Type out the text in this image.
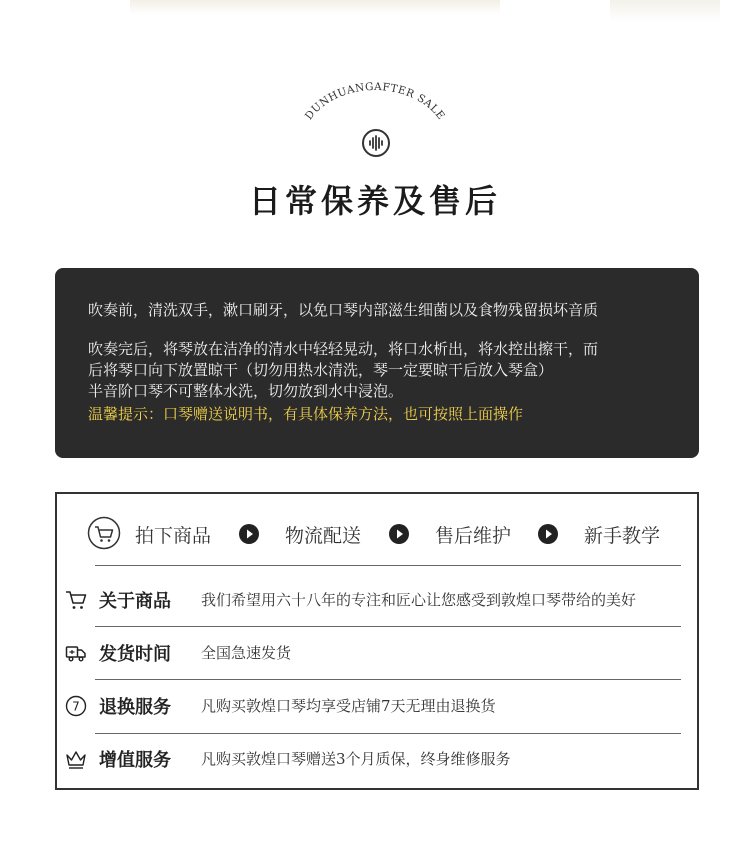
DUNHUANGAFTER SALE
日常保养及售后

吹奏前，清洗双手，漱口刷牙，以免口琴内部滋生细菌以及食物残留损坏音质

吹奏完后，将琴放在洁净的清水中轻轻晃动，将口水析出，将水控出擦干，而

后将琴口向下放置晾干（切勿用热水清洗，琴一定要晾干后放入琴盒）

半音阶口琴不可整体水洗，切勿放到水中浸泡。

温馨提示：口琴赠送说明书，有具体保养方法，也可按照上面操作

拍下商品	物流配送	售后维护	新手教学
关于商品 我们希望用六十八年的专注和匠心让您感受到敦煌口琴带给的美好
发货时间 全国急速发货
7 退换服务 凡购买敦煌口琴均享受店铺7天无理由退换货
增值服务 凡购买敦煌口琴赠送3个月质保，终身维修服务
